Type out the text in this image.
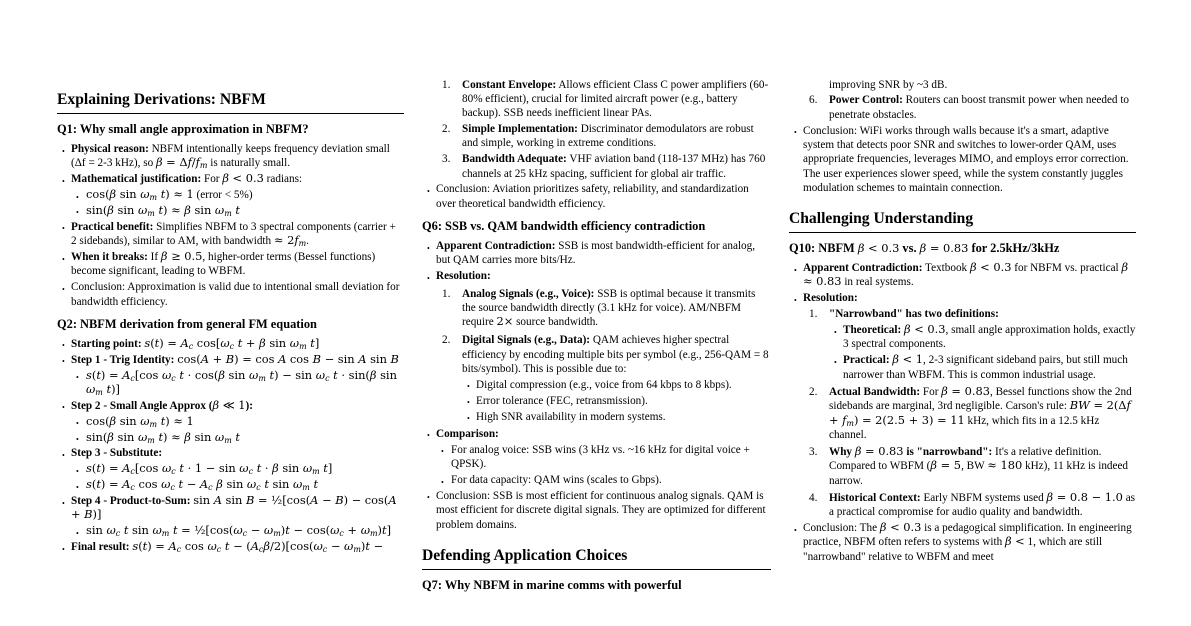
Explaining Derivations: NBFM
Q1: Why small angle approximation in NBFM?
• Physical reason: NBFM intentionally keeps frequency deviation small (Δf = 2-3 kHz), so $\beta = \Delta f/f_m$ is naturally small.
• Mathematical justification: For β < 0.3 radians:
• cos(β $\sin \omega_m$ t) ≈ 1 (error < 5%)
• sin(β $\sin \omega_m$ t) ≈ β $\sin \omega_m$ t
• Practical benefit: Simplifies NBFM to 3 spectral components (carrier + 2 sidebands), similar to AM, with bandwidth ≈ $2f_m$.
• When it breaks: If β ≥ 0.5, higher-order terms (Bessel functions) become significant, leading to WBFM.
• Conclusion: Approximation is valid due to intentional small deviation for bandwidth efficiency.
Q2: NBFM derivation from general FM equation
• Starting point: $s(t) = A_c$ $\cos[\omega_c$ t + β $\sin \omega_m$ t]
• Step 1 - Trig Identity: cos(A + B) = cos A cos B − sin A sin B
• $s(t) = A_c[\cos$ $\omega_c$ t · cos(β $\sin \omega_m$ $t) - \sin \omega_c$ t · sin(β $\sin \omega_m$ t)]
• Step 2 - Small Angle Approx (β ≪ 1):
• cos(β $\sin \omega_m$ t) ≈ 1
• sin(β $\sin \omega_m$ t) ≈ β $\sin \omega_m$ t
• Step 3 - Substitute:
• $s(t) = A_c[\cos$ $\omega_c$ $t \cdot 1 - \sin \omega_c$ t · β $\sin \omega_m$ t]
• $s(t) = A_c$ $\cos \omega_c$ $t - A_c$ β $\sin \omega_c$ t $\sin \omega_m$ t
• Step 4 - Product-to-Sum: sin A sin B = ½[cos(A − B) − cos(A + B)]
• $\sin \omega_c$ t $\sin \omega_m$ $t = \frac{1}{2}[\cos(\omega_c - \omega_m)t - \cos(\omega_c + \omega_m)t]$
• Final result: $s(t) = A_c$ $\cos \omega_c$ $t - (A_c\beta/2)[\cos(\omega_c - \omega_m)t$ −
1. Constant Envelope: Allows efficient Class C power amplifiers (60-80% efficient), crucial for limited aircraft power (e.g., battery backup). SSB needs inefficient linear PAs.
2. Simple Implementation: Discriminator demodulators are robust and simple, working in extreme conditions.
3. Bandwidth Adequate: VHF aviation band (118-137 MHz) has 760 channels at 25 kHz spacing, sufficient for global air traffic.
• Conclusion: Aviation prioritizes safety, reliability, and standardization over theoretical bandwidth efficiency.
Q6: SSB vs. QAM bandwidth efficiency contradiction
• Apparent Contradiction: SSB is most bandwidth-efficient for analog, but QAM carries more bits/Hz.
• Resolution:
1. Analog Signals (e.g., Voice): SSB is optimal because it transmits the source bandwidth directly (3.1 kHz for voice). AM/NBFM require 2× source bandwidth.
2. Digital Signals (e.g., Data): QAM achieves higher spectral efficiency by encoding multiple bits per symbol (e.g., 256-QAM = 8 bits/symbol). This is possible due to:
• Digital compression (e.g., voice from 64 kbps to 8 kbps).
• Error tolerance (FEC, retransmission).
• High SNR availability in modern systems.
• Comparison:
• For analog voice: SSB wins (3 kHz vs. ~16 kHz for digital voice + QPSK).
• For data capacity: QAM wins (scales to Gbps).
• Conclusion: SSB is most efficient for continuous analog signals. QAM is most efficient for discrete digital signals. They are optimized for different problem domains.
Defending Application Choices
Q7: Why NBFM in marine comms with powerful
improving SNR by ~3 dB.
6. Power Control: Routers can boost transmit power when needed to penetrate obstacles.
• Conclusion: WiFi works through walls because it's a smart, adaptive system that detects poor SNR and switches to lower-order QAM, uses appropriate frequencies, leverages MIMO, and employs error correction. The user experiences slower speed, while the system constantly juggles modulation schemes to maintain connection.
Challenging Understanding
Q10: NBFM β < 0.3 vs. β = 0.83 for 2.5kHz/3kHz
• Apparent Contradiction: Textbook β < 0.3 for NBFM vs. practical β ≈ 0.83 in real systems.
• Resolution:
1. "Narrowband" has two definitions:
• Theoretical: β < 0.3, small angle approximation holds, exactly 3 spectral components.
• Practical: β < 1, 2-3 significant sideband pairs, but still much narrower than WBFM. This is common industrial usage.
2. Actual Bandwidth: For β = 0.83, Bessel functions show the 2nd sidebands are marginal, 3rd negligible. Carson's rule: BW = $2(\Delta f + f_m) = 2(2.5 + 3) = 11$ kHz, which fits in a 12.5 kHz channel.
3. Why β = 0.83 is "narrowband": It's a relative definition. Compared to WBFM (β = 5, BW ≈ 180 kHz), 11 kHz is indeed narrow.
4. Historical Context: Early NBFM systems used β = 0.8 − 1.0 as a practical compromise for audio quality and bandwidth.
• Conclusion: The β < 0.3 is a pedagogical simplification. In engineering practice, NBFM often refers to systems with β < 1, which are still "narrowband" relative to WBFM and meet
